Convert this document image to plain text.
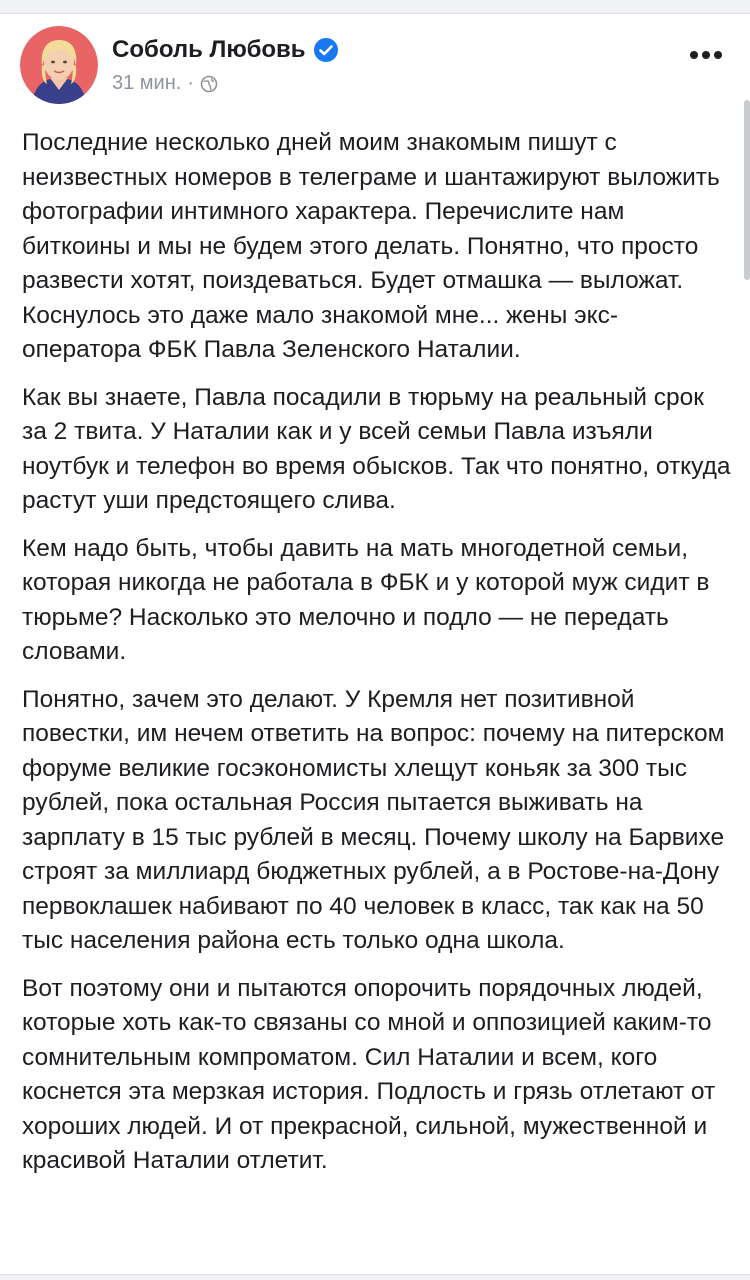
Соболь Любовь
31 мин. ·

Последние несколько дней моим знакомым пишут с неизвестных номеров в телеграме и шантажируют выложить фотографии интимного характера. Перечислите нам биткоины и мы не будем этого делать. Понятно, что просто развести хотят, поиздеваться. Будет отмашка — выложат. Коснулось это даже мало знакомой мне... жены экс-оператора ФБК Павла Зеленского Наталии.

Как вы знаете, Павла посадили в тюрьму на реальный срок за 2 твита. У Наталии как и у всей семьи Павла изъяли ноутбук и телефон во время обысков. Так что понятно, откуда растут уши предстоящего слива.

Кем надо быть, чтобы давить на мать многодетной семьи, которая никогда не работала в ФБК и у которой муж сидит в тюрьме? Насколько это мелочно и подло — не передать словами.

Понятно, зачем это делают. У Кремля нет позитивной повестки, им нечем ответить на вопрос: почему на питерском форуме великие госэкономисты хлещут коньяк за 300 тыс рублей, пока остальная Россия пытается выживать на зарплату в 15 тыс рублей в месяц. Почему школу на Барвихе строят за миллиард бюджетных рублей, а в Ростове-на-Дону первоклашек набивают по 40 человек в класс, так как на 50 тыс населения района есть только одна школа.

Вот поэтому они и пытаются опорочить порядочных людей, которые хоть как-то связаны со мной и оппозицией каким-то сомнительным компроматом. Сил Наталии и всем, кого коснется эта мерзкая история. Подлость и грязь отлетают от хороших людей. И от прекрасной, сильной, мужественной и красивой Наталии отлетит.
